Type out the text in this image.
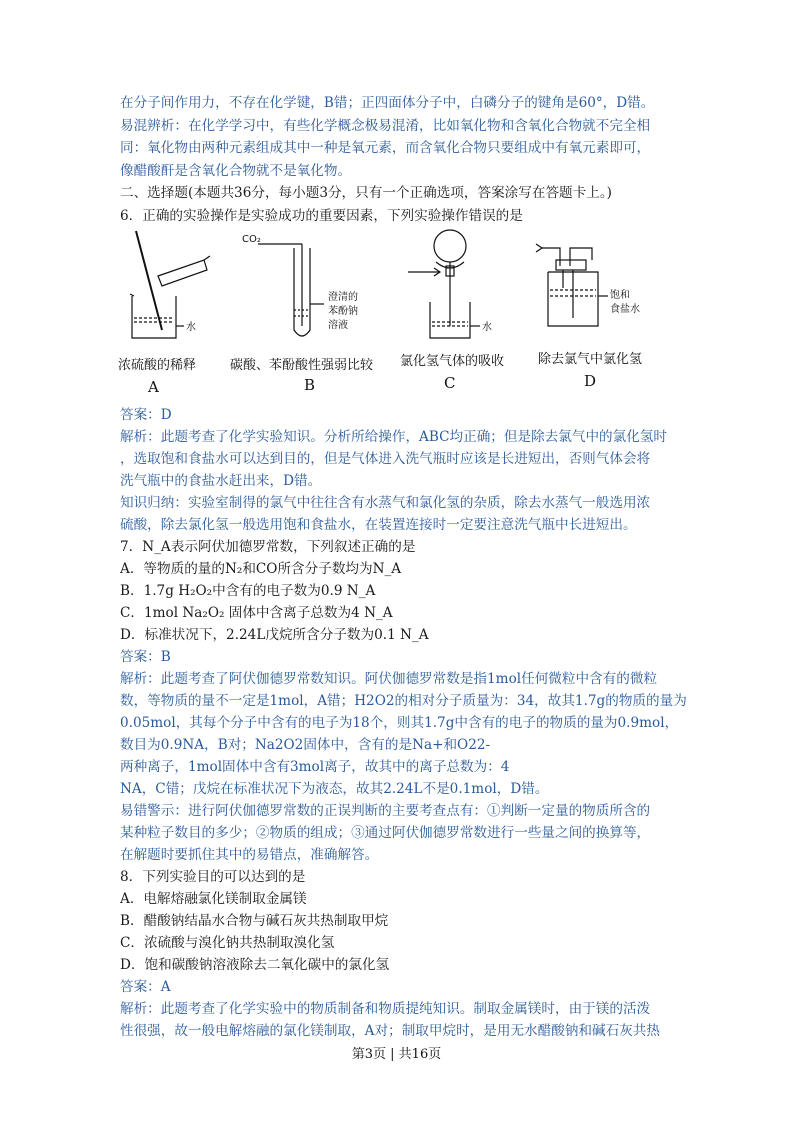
在分子间作用力，不存在化学键，B错；正四面体分子中，白磷分子的键角是60°，D错。
易混辨析：在化学学习中，有些化学概念极易混淆，比如氧化物和含氧化合物就不完全相
同：氧化物由两种元素组成其中一种是氧元素，而含氧化合物只要组成中有氧元素即可，
像醋酸酐是含氧化合物就不是氧化物。
二、选择题(本题共36分，每小题3分，只有一个正确选项，答案涂写在答题卡上。)
6．正确的实验操作是实验成功的重要因素，下列实验操作错误的是
水
CO₂
澄清的
苯酚钠
溶液	水
饱和
食盐水
浓硫酸的稀释	碳酸、苯酚酸性强弱比较 氯化氢气体的吸收	除去氯气中氯化氢
A	B	C	D
答案：D
解析：此题考查了化学实验知识。分析所给操作，ABC均正确；但是除去氯气中的氯化氢时
，选取饱和食盐水可以达到目的，但是气体进入洗气瓶时应该是长进短出，否则气体会将
洗气瓶中的食盐水赶出来，D错。
知识归纳：实验室制得的氯气中往往含有水蒸气和氯化氢的杂质，除去水蒸气一般选用浓
硫酸，除去氯化氢一般选用饱和食盐水，在装置连接时一定要注意洗气瓶中长进短出。
7．N_A表示阿伏加德罗常数，下列叙述正确的是
A．等物质的量的N₂和CO所含分子数均为N_A
B．1.7g H₂O₂中含有的电子数为0.9 N_A
C．1mol Na₂O₂ 固体中含离子总数为4 N_A
D．标准状况下，2.24L戊烷所含分子数为0.1 N_A
答案：B
解析：此题考查了阿伏伽德罗常数知识。阿伏伽德罗常数是指1mol任何微粒中含有的微粒
数，等物质的量不一定是1mol，A错；H2O2的相对分子质量为：34，故其1.7g的物质的量为
0.05mol，其每个分子中含有的电子为18个，则其1.7g中含有的电子的物质的量为0.9mol，
数目为0.9NA，B对；Na2O2固体中，含有的是Na+和O22-
两种离子，1mol固体中含有3mol离子，故其中的离子总数为：4
NA，C错；戊烷在标准状况下为液态，故其2.24L不是0.1mol，D错。
易错警示：进行阿伏伽德罗常数的正误判断的主要考查点有：①判断一定量的物质所含的
某种粒子数目的多少；②物质的组成；③通过阿伏伽德罗常数进行一些量之间的换算等，
在解题时要抓住其中的易错点，准确解答。
8．下列实验目的可以达到的是
A．电解熔融氯化镁制取金属镁
B．醋酸钠结晶水合物与碱石灰共热制取甲烷
C．浓硫酸与溴化钠共热制取溴化氢
D．饱和碳酸钠溶液除去二氧化碳中的氯化氢
答案：A
解析：此题考查了化学实验中的物质制备和物质提纯知识。制取金属镁时，由于镁的活泼
性很强，故一般电解熔融的氯化镁制取，A对；制取甲烷时，是用无水醋酸钠和碱石灰共热
第3页 | 共16页
